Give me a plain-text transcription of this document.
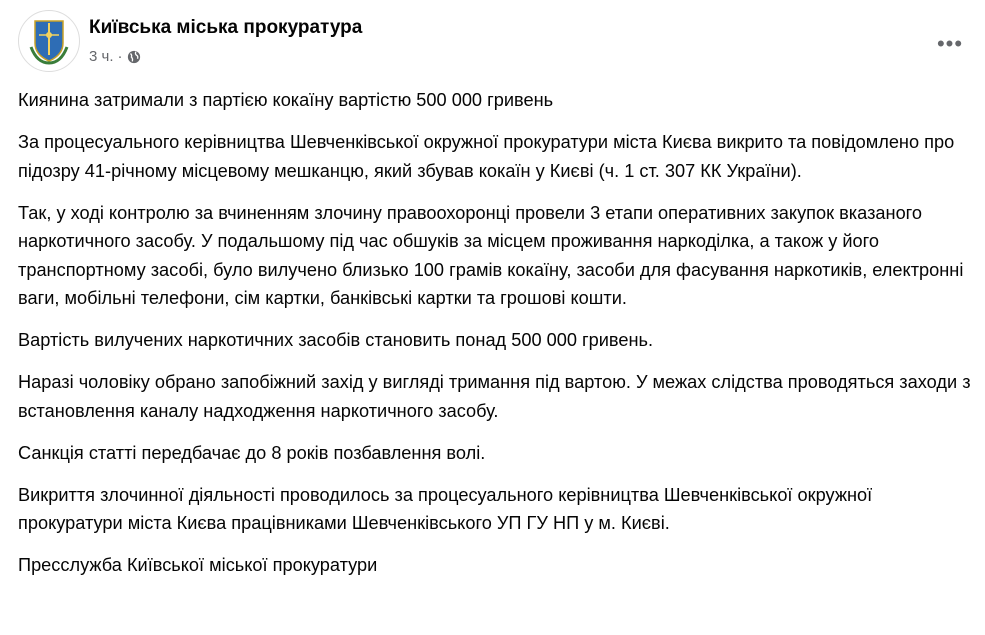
Київська міська прокуратура
3 ч. ·
•••

Киянина затримали з партією кокаїну вартістю 500 000 гривень

За процесуального керівництва Шевченківської окружної прокуратури міста Києва викрито та повідомлено про підозру 41-річному місцевому мешканцю, який збував кокаїн у Києві (ч. 1 ст. 307 КК України).

Так, у ході контролю за вчиненням злочину правоохоронці провели 3 етапи оперативних закупок вказаного наркотичного засобу. У подальшому під час обшуків за місцем проживання наркоділка, а також у його транспортному засобі, було вилучено близько 100 грамів кокаїну, засоби для фасування наркотиків, електронні ваги, мобільні телефони, сім картки, банківські картки та грошові кошти.

Вартість вилучених наркотичних засобів становить понад 500 000 гривень.

Наразі чоловіку обрано запобіжний захід у вигляді тримання під вартою. У межах слідства проводяться заходи з встановлення каналу надходження наркотичного засобу.

Санкція статті передбачає до 8 років позбавлення волі.

Викриття злочинної діяльності проводилось за процесуального керівництва Шевченківської окружної прокуратури міста Києва працівниками Шевченківського УП ГУ НП у м. Києві.

Пресслужба Київської міської прокуратури
